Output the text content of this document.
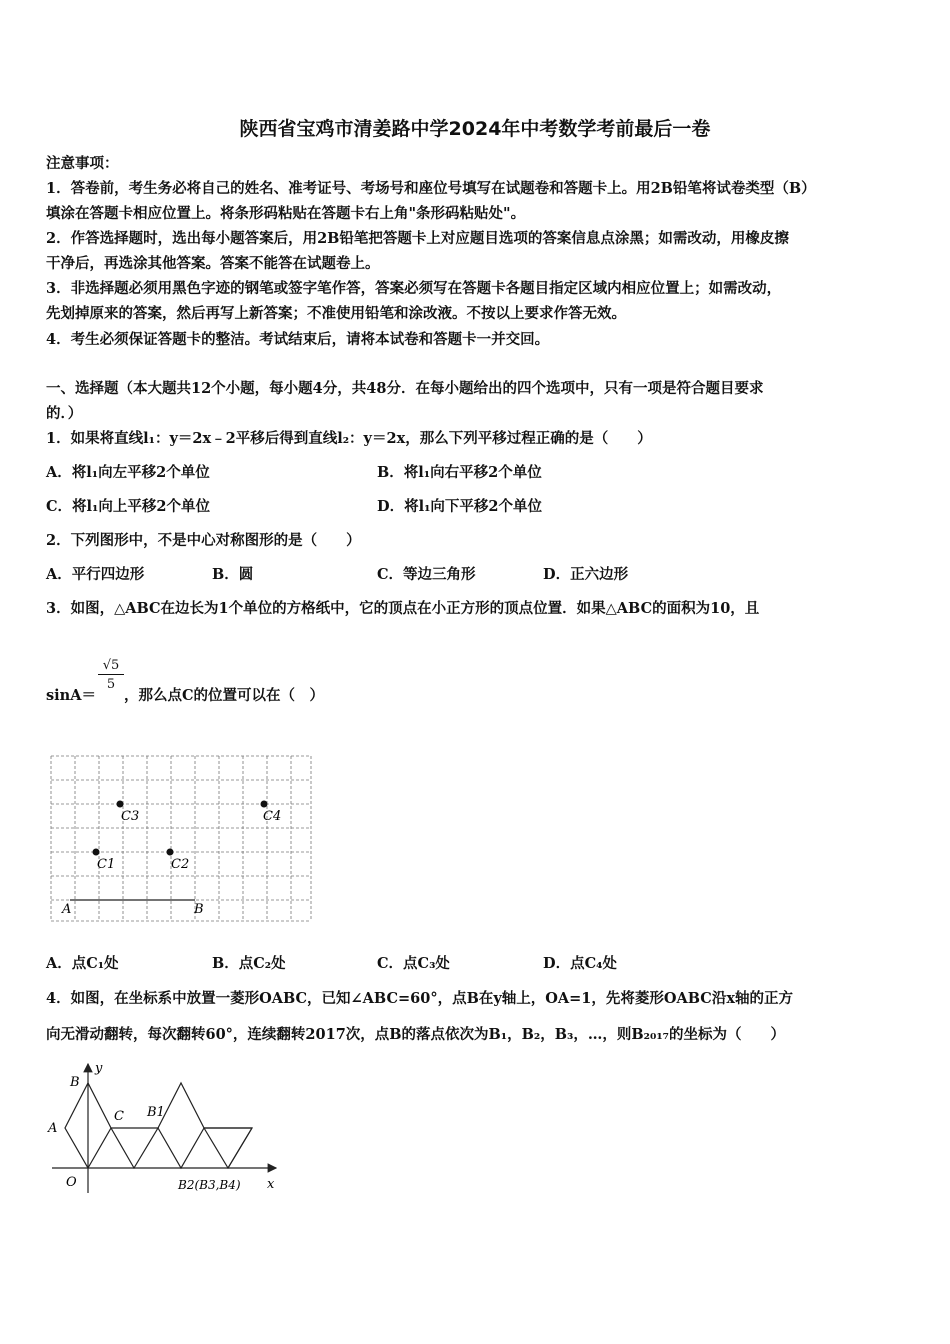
陕西省宝鸡市清姜路中学2024年中考数学考前最后一卷
注意事项：
1．答卷前，考生务必将自己的姓名、准考证号、考场号和座位号填写在试题卷和答题卡上。用2B铅笔将试卷类型（B）
填涂在答题卡相应位置上。将条形码粘贴在答题卡右上角"条形码粘贴处"。
2．作答选择题时，选出每小题答案后，用2B铅笔把答题卡上对应题目选项的答案信息点涂黑；如需改动，用橡皮擦
干净后，再选涂其他答案。答案不能答在试题卷上。
3．非选择题必须用黑色字迹的钢笔或签字笔作答，答案必须写在答题卡各题目指定区域内相应位置上；如需改动，
先划掉原来的答案，然后再写上新答案；不准使用铅笔和涂改液。不按以上要求作答无效。
4．考生必须保证答题卡的整洁。考试结束后，请将本试卷和答题卡一并交回。
一、选择题（本大题共12个小题，每小题4分，共48分．在每小题给出的四个选项中，只有一项是符合题目要求
的．）
1．如果将直线l₁：y＝2x﹣2平移后得到直线l₂：y＝2x，那么下列平移过程正确的是（　　）
A．将l₁向左平移2个单位	B．将l₁向右平移2个单位
C．将l₁向上平移2个单位	D．将l₁向下平移2个单位
2．下列图形中，不是中心对称图形的是（　　）
A．平行四边形	B．圆	C．等边三角形	D．正六边形
3．如图，△ABC在边长为1个单位的方格纸中，它的顶点在小正方形的顶点位置．如果△ABC的面积为10，且
sinA＝
$\frac{√5}{5}$
，那么点C的位置可以在（　）
C3	C4
C1	C2
A	B
A．点C₁处	B．点C₂处	C．点C₃处	D．点C₄处
4．如图，在坐标系中放置一菱形OABC，已知∠ABC=60°，点B在y轴上，OA=1，先将菱形OABC沿x轴的正方
向无滑动翻转，每次翻转60°，连续翻转2017次，点B的落点依次为B₁，B₂，B₃，…，则B₂₀₁₇的坐标为（　　）
B
y
C B1
A
O	B2(B3,B4) x
